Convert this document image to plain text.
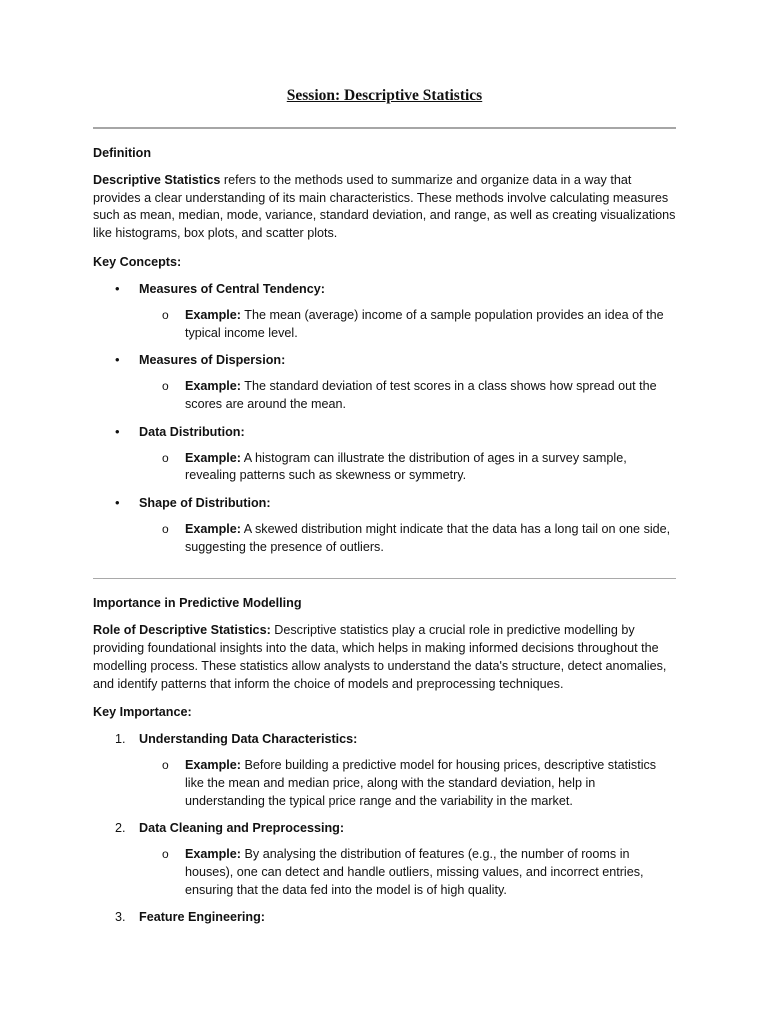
Session: Descriptive Statistics
Definition

Descriptive Statistics refers to the methods used to summarize and organize data in a way that provides a clear understanding of its main characteristics. These methods involve calculating measures such as mean, median, mode, variance, standard deviation, and range, as well as creating visualizations like histograms, box plots, and scatter plots.

Key Concepts:
• Measures of Central Tendency:
o Example: The mean (average) income of a sample population provides an idea of the typical income level.
• Measures of Dispersion:
o Example: The standard deviation of test scores in a class shows how spread out the scores are around the mean.
• Data Distribution:
o Example: A histogram can illustrate the distribution of ages in a survey sample, revealing patterns such as skewness or symmetry.
• Shape of Distribution:
o Example: A skewed distribution might indicate that the data has a long tail on one side, suggesting the presence of outliers.
Importance in Predictive Modelling

Role of Descriptive Statistics: Descriptive statistics play a crucial role in predictive modelling by providing foundational insights into the data, which helps in making informed decisions throughout the modelling process. These statistics allow analysts to understand the data's structure, detect anomalies, and identify patterns that inform the choice of models and preprocessing techniques.

Key Importance:
1. Understanding Data Characteristics:
o Example: Before building a predictive model for housing prices, descriptive statistics like the mean and median price, along with the standard deviation, help in understanding the typical price range and the variability in the market.
2. Data Cleaning and Preprocessing:
o Example: By analysing the distribution of features (e.g., the number of rooms in houses), one can detect and handle outliers, missing values, and incorrect entries, ensuring that the data fed into the model is of high quality.
3. Feature Engineering:
